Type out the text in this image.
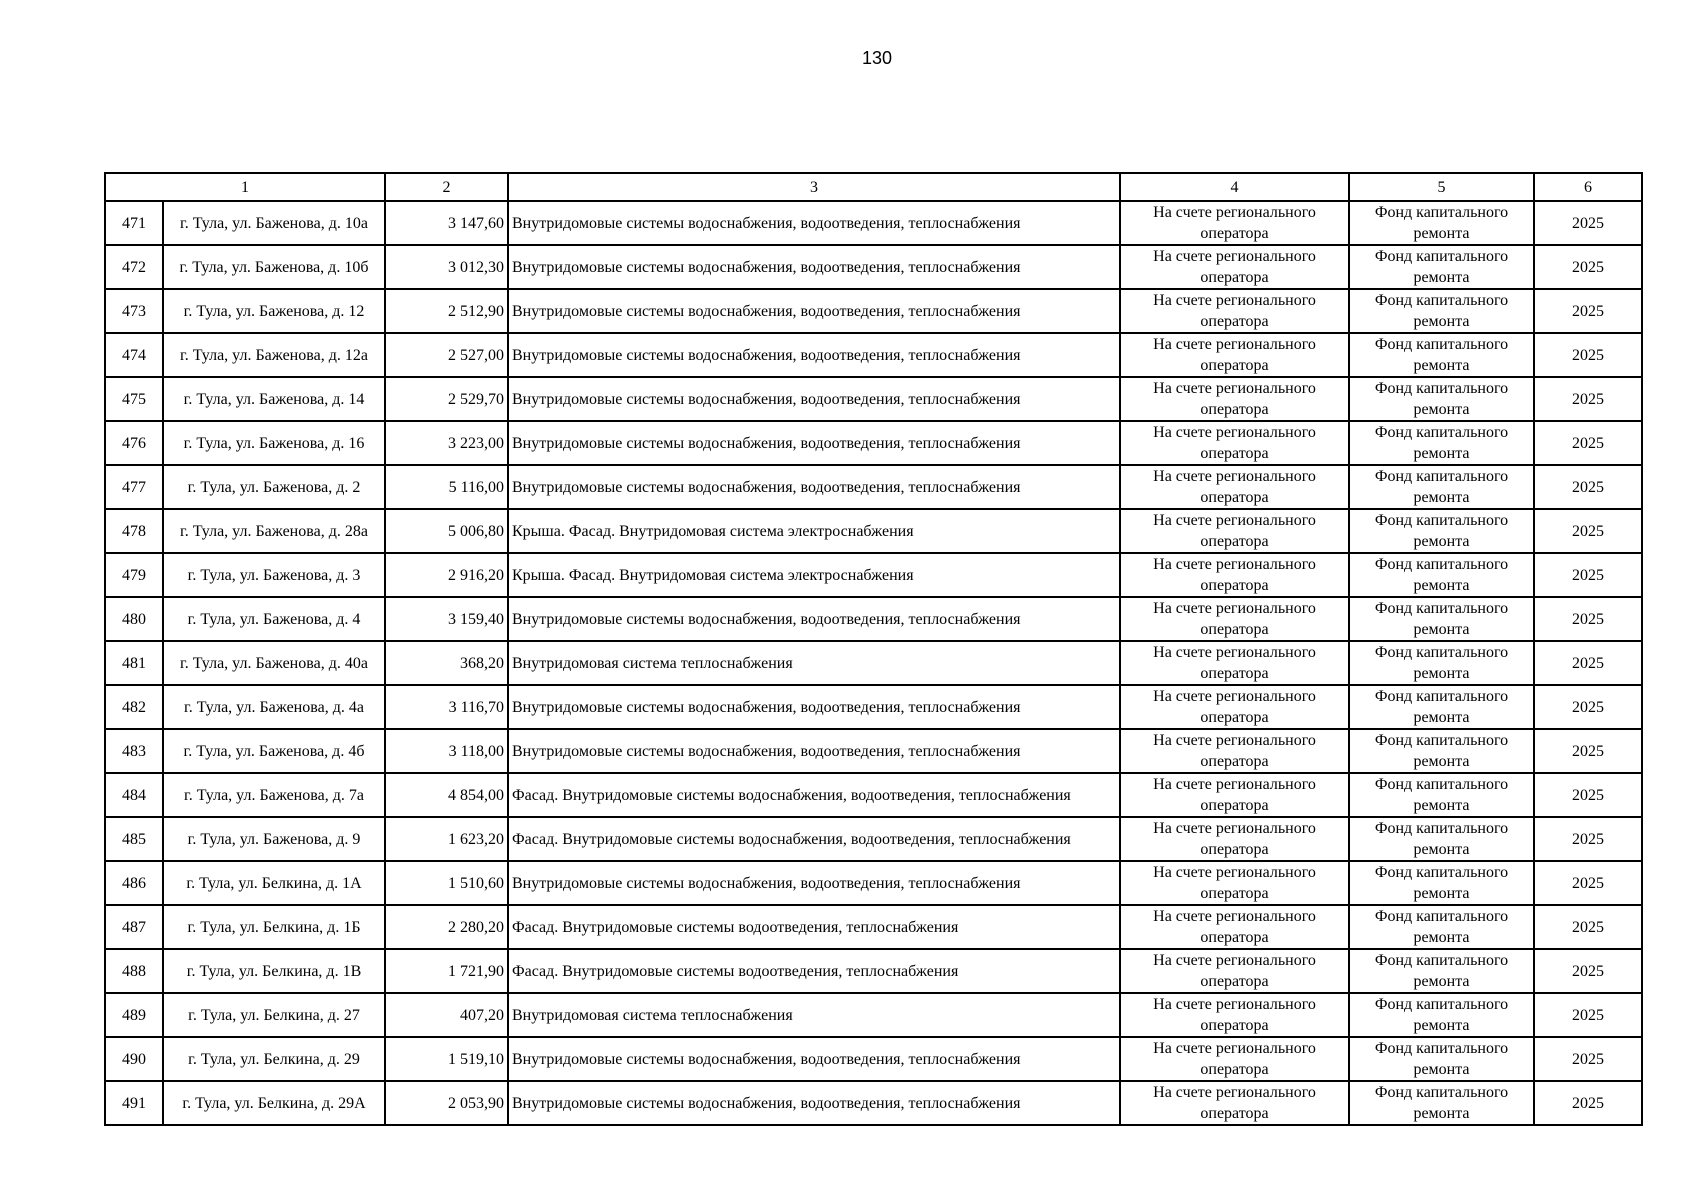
130
1		2	3	4	5	6
471	г. Тула, ул. Баженова, д. 10а	3 147,60	Внутридомовые системы водоснабжения, водоотведения, теплоснабжения	На счете регионального оператора	Фонд капитального ремонта	2025
472	г. Тула, ул. Баженова, д. 10б	3 012,30	Внутридомовые системы водоснабжения, водоотведения, теплоснабжения	На счете регионального оператора	Фонд капитального ремонта	2025
473	г. Тула, ул. Баженова, д. 12	2 512,90	Внутридомовые системы водоснабжения, водоотведения, теплоснабжения	На счете регионального оператора	Фонд капитального ремонта	2025
474	г. Тула, ул. Баженова, д. 12а	2 527,00	Внутридомовые системы водоснабжения, водоотведения, теплоснабжения	На счете регионального оператора	Фонд капитального ремонта	2025
475	г. Тула, ул. Баженова, д. 14	2 529,70	Внутридомовые системы водоснабжения, водоотведения, теплоснабжения	На счете регионального оператора	Фонд капитального ремонта	2025
476	г. Тула, ул. Баженова, д. 16	3 223,00	Внутридомовые системы водоснабжения, водоотведения, теплоснабжения	На счете регионального оператора	Фонд капитального ремонта	2025
477	г. Тула, ул. Баженова, д. 2	5 116,00	Внутридомовые системы водоснабжения, водоотведения, теплоснабжения	На счете регионального оператора	Фонд капитального ремонта	2025
478	г. Тула, ул. Баженова, д. 28а	5 006,80	Крыша. Фасад. Внутридомовая система электроснабжения	На счете регионального оператора	Фонд капитального ремонта	2025
479	г. Тула, ул. Баженова, д. 3	2 916,20	Крыша. Фасад. Внутридомовая система электроснабжения	На счете регионального оператора	Фонд капитального ремонта	2025
480	г. Тула, ул. Баженова, д. 4	3 159,40	Внутридомовые системы водоснабжения, водоотведения, теплоснабжения	На счете регионального оператора	Фонд капитального ремонта	2025
481	г. Тула, ул. Баженова, д. 40а	368,20	Внутридомовая система теплоснабжения	На счете регионального оператора	Фонд капитального ремонта	2025
482	г. Тула, ул. Баженова, д. 4а	3 116,70	Внутридомовые системы водоснабжения, водоотведения, теплоснабжения	На счете регионального оператора	Фонд капитального ремонта	2025
483	г. Тула, ул. Баженова, д. 4б	3 118,00	Внутридомовые системы водоснабжения, водоотведения, теплоснабжения	На счете регионального оператора	Фонд капитального ремонта	2025
484	г. Тула, ул. Баженова, д. 7а	4 854,00	Фасад. Внутридомовые системы водоснабжения, водоотведения, теплоснабжения	На счете регионального оператора	Фонд капитального ремонта	2025
485	г. Тула, ул. Баженова, д. 9	1 623,20	Фасад. Внутридомовые системы водоснабжения, водоотведения, теплоснабжения	На счете регионального оператора	Фонд капитального ремонта	2025
486	г. Тула, ул. Белкина, д. 1А	1 510,60	Внутридомовые системы водоснабжения, водоотведения, теплоснабжения	На счете регионального оператора	Фонд капитального ремонта	2025
487	г. Тула, ул. Белкина, д. 1Б	2 280,20	Фасад. Внутридомовые системы водоотведения, теплоснабжения	На счете регионального оператора	Фонд капитального ремонта	2025
488	г. Тула, ул. Белкина, д. 1В	1 721,90	Фасад. Внутридомовые системы водоотведения, теплоснабжения	На счете регионального оператора	Фонд капитального ремонта	2025
489	г. Тула, ул. Белкина, д. 27	407,20	Внутридомовая система теплоснабжения	На счете регионального оператора	Фонд капитального ремонта	2025
490	г. Тула, ул. Белкина, д. 29	1 519,10	Внутридомовые системы водоснабжения, водоотведения, теплоснабжения	На счете регионального оператора	Фонд капитального ремонта	2025
491	г. Тула, ул. Белкина, д. 29А	2 053,90	Внутридомовые системы водоснабжения, водоотведения, теплоснабжения	На счете регионального оператора	Фонд капитального ремонта	2025
